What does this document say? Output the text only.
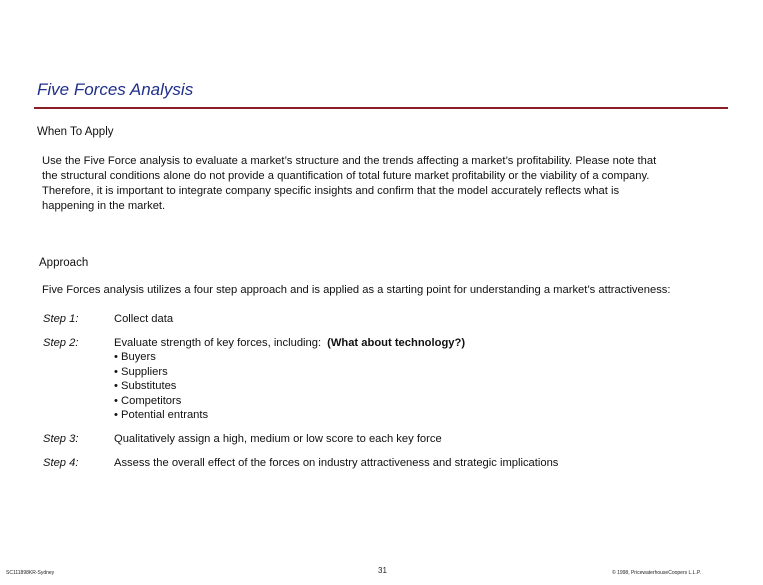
Five Forces Analysis
When To Apply
Use the Five Force analysis to evaluate a market’s structure and the trends affecting a market’s profitability. Please note that
the structural conditions alone do not provide a quantification of total future market profitability or the viability of a company.
Therefore, it is important to integrate company specific insights and confirm that the model accurately reflects what is
happening in the market.
Approach
Five Forces analysis utilizes a four step approach and is applied as a starting point for understanding a market’s attractiveness:
Step 1:	Collect data
Step 2:	Evaluate strength of key forces, including: (What about technology?)
• Buyers
• Suppliers
• Substitutes
• Competitors
• Potential entrants
Step 3:	Qualitatively assign a high, medium or low score to each key force
Step 4:	Assess the overall effect of the forces on industry attractiveness and strategic implications
SC111898KR-Sydney	31	© 1998, PricewaterhouseCoopers L.L.P.
